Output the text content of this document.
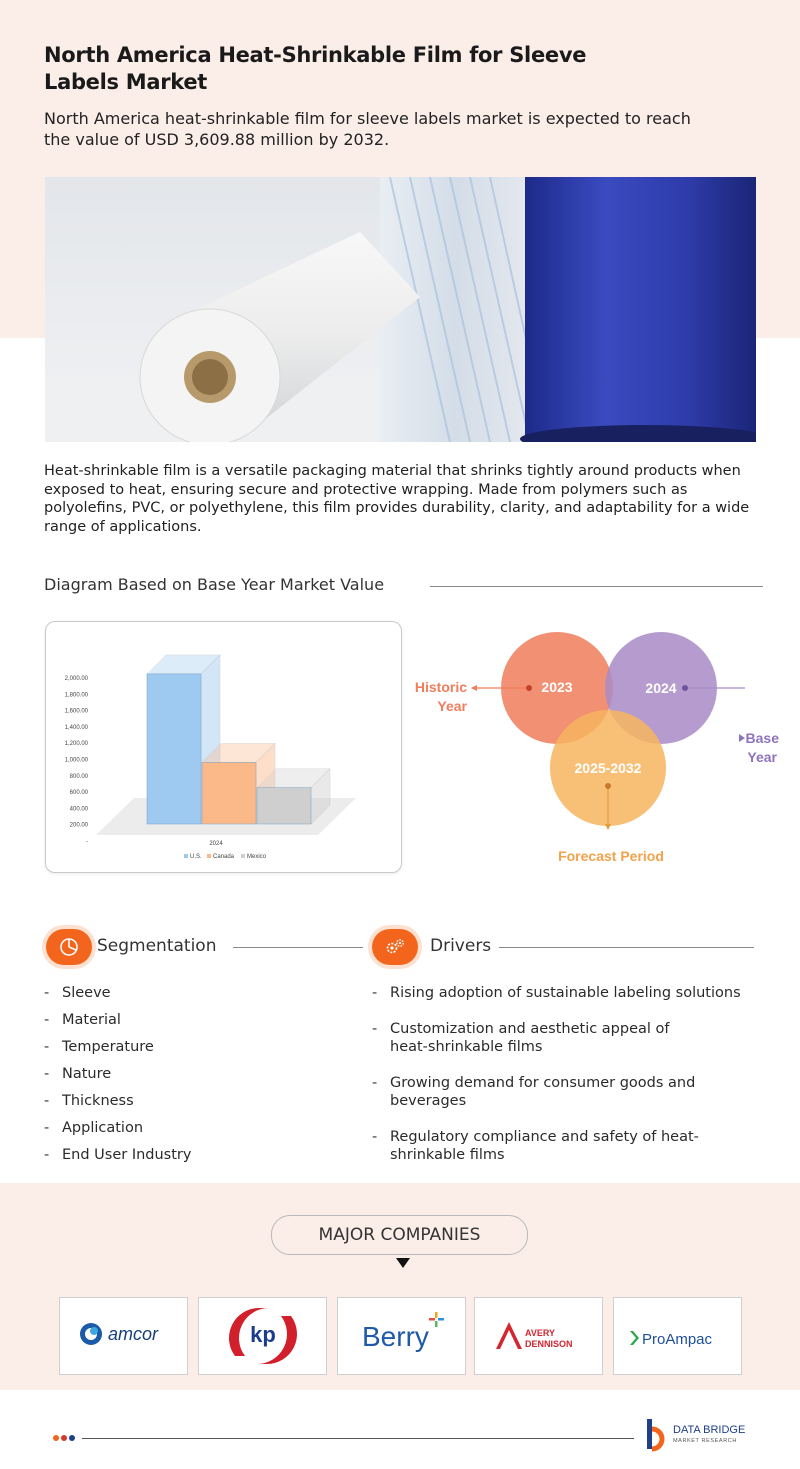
North America Heat-Shrinkable Film for Sleeve Labels Market

North America heat-shrinkable film for sleeve labels market is expected to reach the value of USD 3,609.88 million by 2032.

Heat-shrinkable film is a versatile packaging material that shrinks tightly around products when exposed to heat, ensuring secure and protective wrapping. Made from polymers such as polyolefins, PVC, or polyethylene, this film provides durability, clarity, and adaptability for a wide range of applications.

Diagram Based on Base Year Market Value
2,000.00
1,800.00
1,600.00
1,400.00
1,200.00
1,000.00
800.00
600.00
400.00
200.00
-	2024
U.S. Canada Mexico
2023	2024
2025-2032
Historic
Year
Base
Year
Forecast Period
Segmentation
- Sleeve
- Material
- Temperature
- Nature
- Thickness
- Application
- End User Industry
Drivers
- Rising adoption of sustainable labeling solutions
- Customization and aesthetic appeal of heat-shrinkable films
- Growing demand for consumer goods and beverages
- Regulatory compliance and safety of heat-shrinkable films
MAJOR COMPANIES
amcor	kp	Berry	AVERY
DENNISON	ProAmpac
DATA BRIDGE
MARKET RESEARCH
